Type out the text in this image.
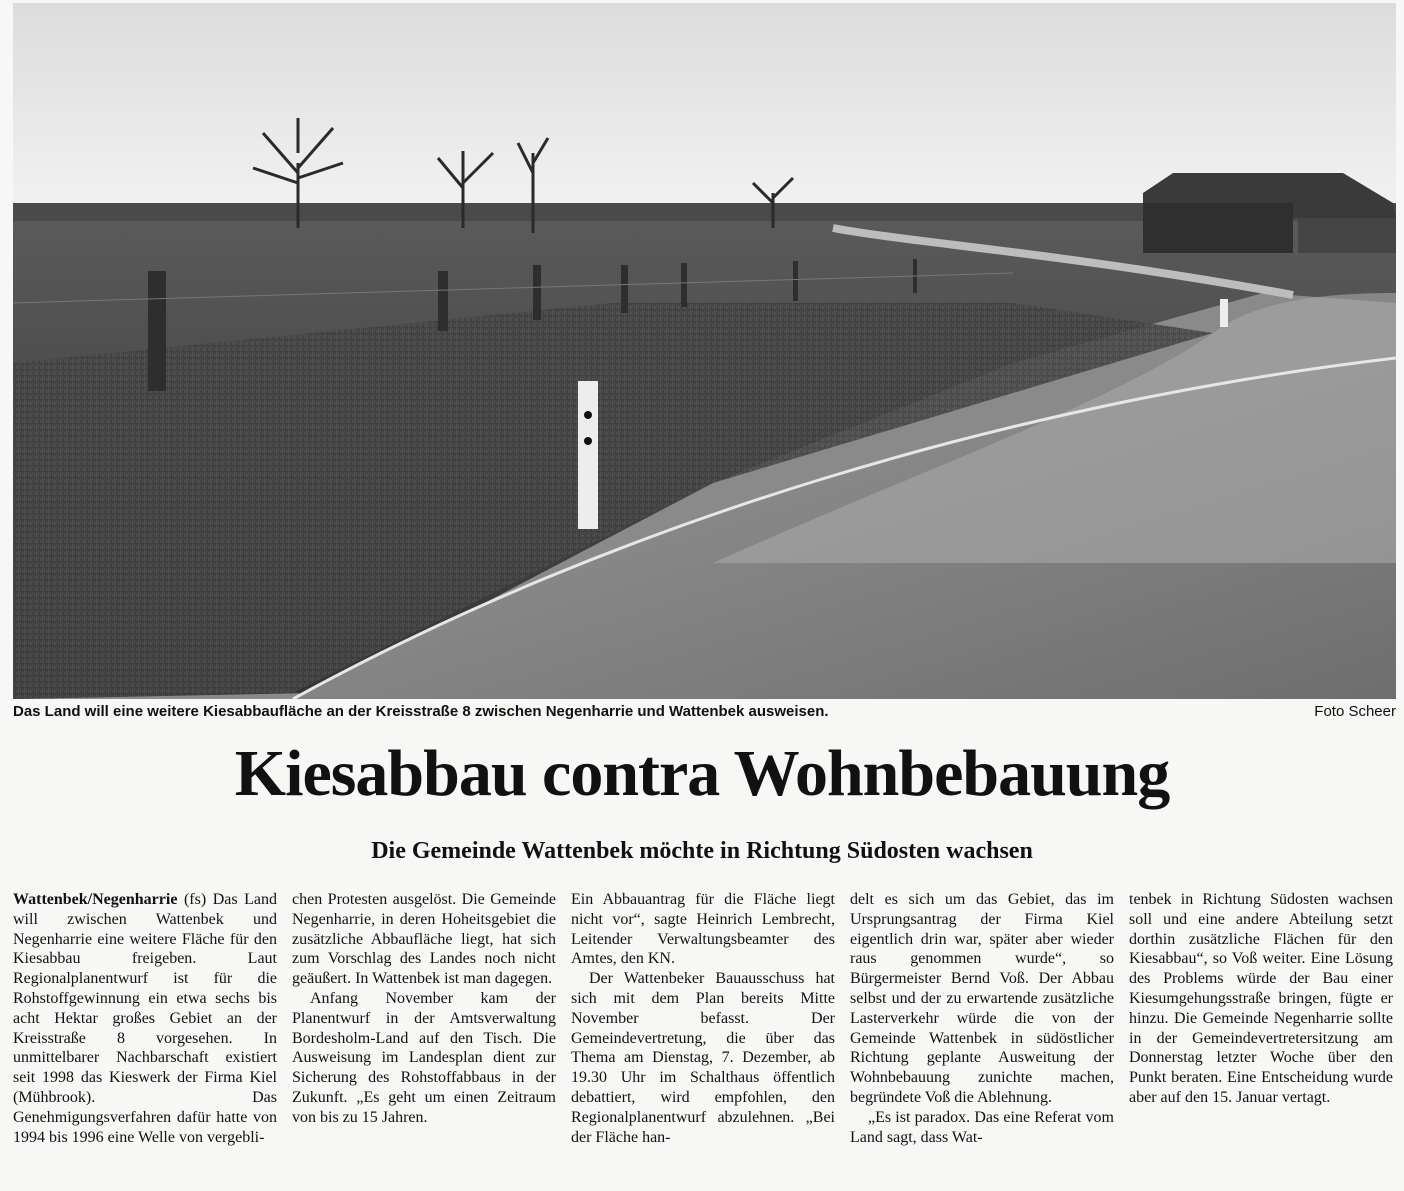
Das Land will eine weitere Kiesabbaufläche an der Kreisstraße 8 zwischen Negenharrie und Wattenbek ausweisen.	Foto Scheer
Kiesabbau contra Wohnbebauung
Die Gemeinde Wattenbek möchte in Richtung Südosten wachsen

Wattenbek/Negenharrie (fs) Das Land will zwischen Wattenbek und Negenharrie eine weitere Fläche für den Kiesabbau freigeben. Laut Regionalplanentwurf ist für die Rohstoffgewinnung ein etwa sechs bis acht Hektar großes Gebiet an der Kreisstraße 8 vorgesehen. In unmittelbarer Nachbarschaft existiert seit 1998 das Kieswerk der Firma Kiel (Mühbrook). Das Genehmigungsverfahren dafür hatte von 1994 bis 1996 eine Welle von vergebli-

chen Protesten ausgelöst. Die Gemeinde Negenharrie, in deren Hoheitsgebiet die zusätzliche Abbaufläche liegt, hat sich zum Vorschlag des Landes noch nicht geäußert. In Wattenbek ist man dagegen.

Anfang November kam der Planentwurf in der Amtsverwaltung Bordesholm-Land auf den Tisch. Die Ausweisung im Landesplan dient zur Sicherung des Rohstoffabbaus in der Zukunft. „Es geht um einen Zeitraum von bis zu 15 Jahren.

Ein Abbauantrag für die Fläche liegt nicht vor“, sagte Heinrich Lembrecht, Leitender Verwaltungsbeamter des Amtes, den KN.

Der Wattenbeker Bauausschuss hat sich mit dem Plan bereits Mitte November befasst. Der Gemeindevertretung, die über das Thema am Dienstag, 7. Dezember, ab 19.30 Uhr im Schalthaus öffentlich debattiert, wird empfohlen, den Regionalplanentwurf abzulehnen. „Bei der Fläche han-

delt es sich um das Gebiet, das im Ursprungsantrag der Firma Kiel eigentlich drin war, später aber wieder raus genommen wurde“, so Bürgermeister Bernd Voß. Der Abbau selbst und der zu erwartende zusätzliche Lasterverkehr würde die von der Gemeinde Wattenbek in südöstlicher Richtung geplante Ausweitung der Wohnbebauung zunichte machen, begründete Voß die Ablehnung.

„Es ist paradox. Das eine Referat vom Land sagt, dass Wat-

tenbek in Richtung Südosten wachsen soll und eine andere Abteilung setzt dorthin zusätzliche Flächen für den Kiesabbau“, so Voß weiter. Eine Lösung des Problems würde der Bau einer Kiesumgehungsstraße bringen, fügte er hinzu. Die Gemeinde Negenharrie sollte in der Gemeindevertretersitzung am Donnerstag letzter Woche über den Punkt beraten. Eine Entscheidung wurde aber auf den 15. Januar vertagt.
